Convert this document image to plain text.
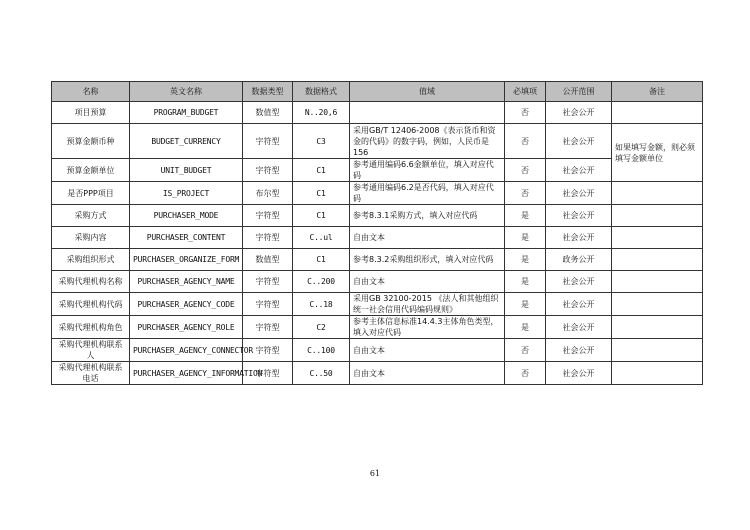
名称	英文名称	数据类型	数据格式	值域	必填项	公开范围	备注
项目预算	PROGRAM_BUDGET	数值型	N..20,6		否	社会公开	
预算金额币种	BUDGET_CURRENCY	字符型	C3	采用GB/T 12406-2008《表示货币和资金的代码》的数字码，例如，人民币是156	否	社会公开	如果填写金额，则必须填写金额单位
预算金额单位	UNIT_BUDGET	字符型	C1	参考通用编码6.6金额单位，填入对应代码	否	社会公开	
是否PPP项目	IS_PROJECT	布尔型	C1	参考通用编码6.2是否代码，填入对应代码	否	社会公开	
采购方式	PURCHASER_MODE	字符型	C1	参考8.3.1采购方式，填入对应代码	是	社会公开	
采购内容	PURCHASER_CONTENT	字符型	C..ul	自由文本	是	社会公开	
采购组织形式	PURCHASER_ORGANIZE_FORM	数值型	C1	参考8.3.2采购组织形式，填入对应代码	是	政务公开	
采购代理机构名称	PURCHASER_AGENCY_NAME	字符型	C..200	自由文本	是	社会公开	
采购代理机构代码	PURCHASER_AGENCY_CODE	字符型	C..18	采用GB 32100-2015 《法人和其他组织统一社会信用代码编码规则》	是	社会公开	
采购代理机构角色	PURCHASER_AGENCY_ROLE	字符型	C2	参考主体信息标准14.4.3主体角色类型，填入对应代码	是	社会公开	
采购代理机构联系人	PURCHASER_AGENCY_CONNECTOR	字符型	C..100	自由文本	否	社会公开	
采购代理机构联系电话	PURCHASER_AGENCY_INFORMATION	字符型	C..50	自由文本	否	社会公开	
61
